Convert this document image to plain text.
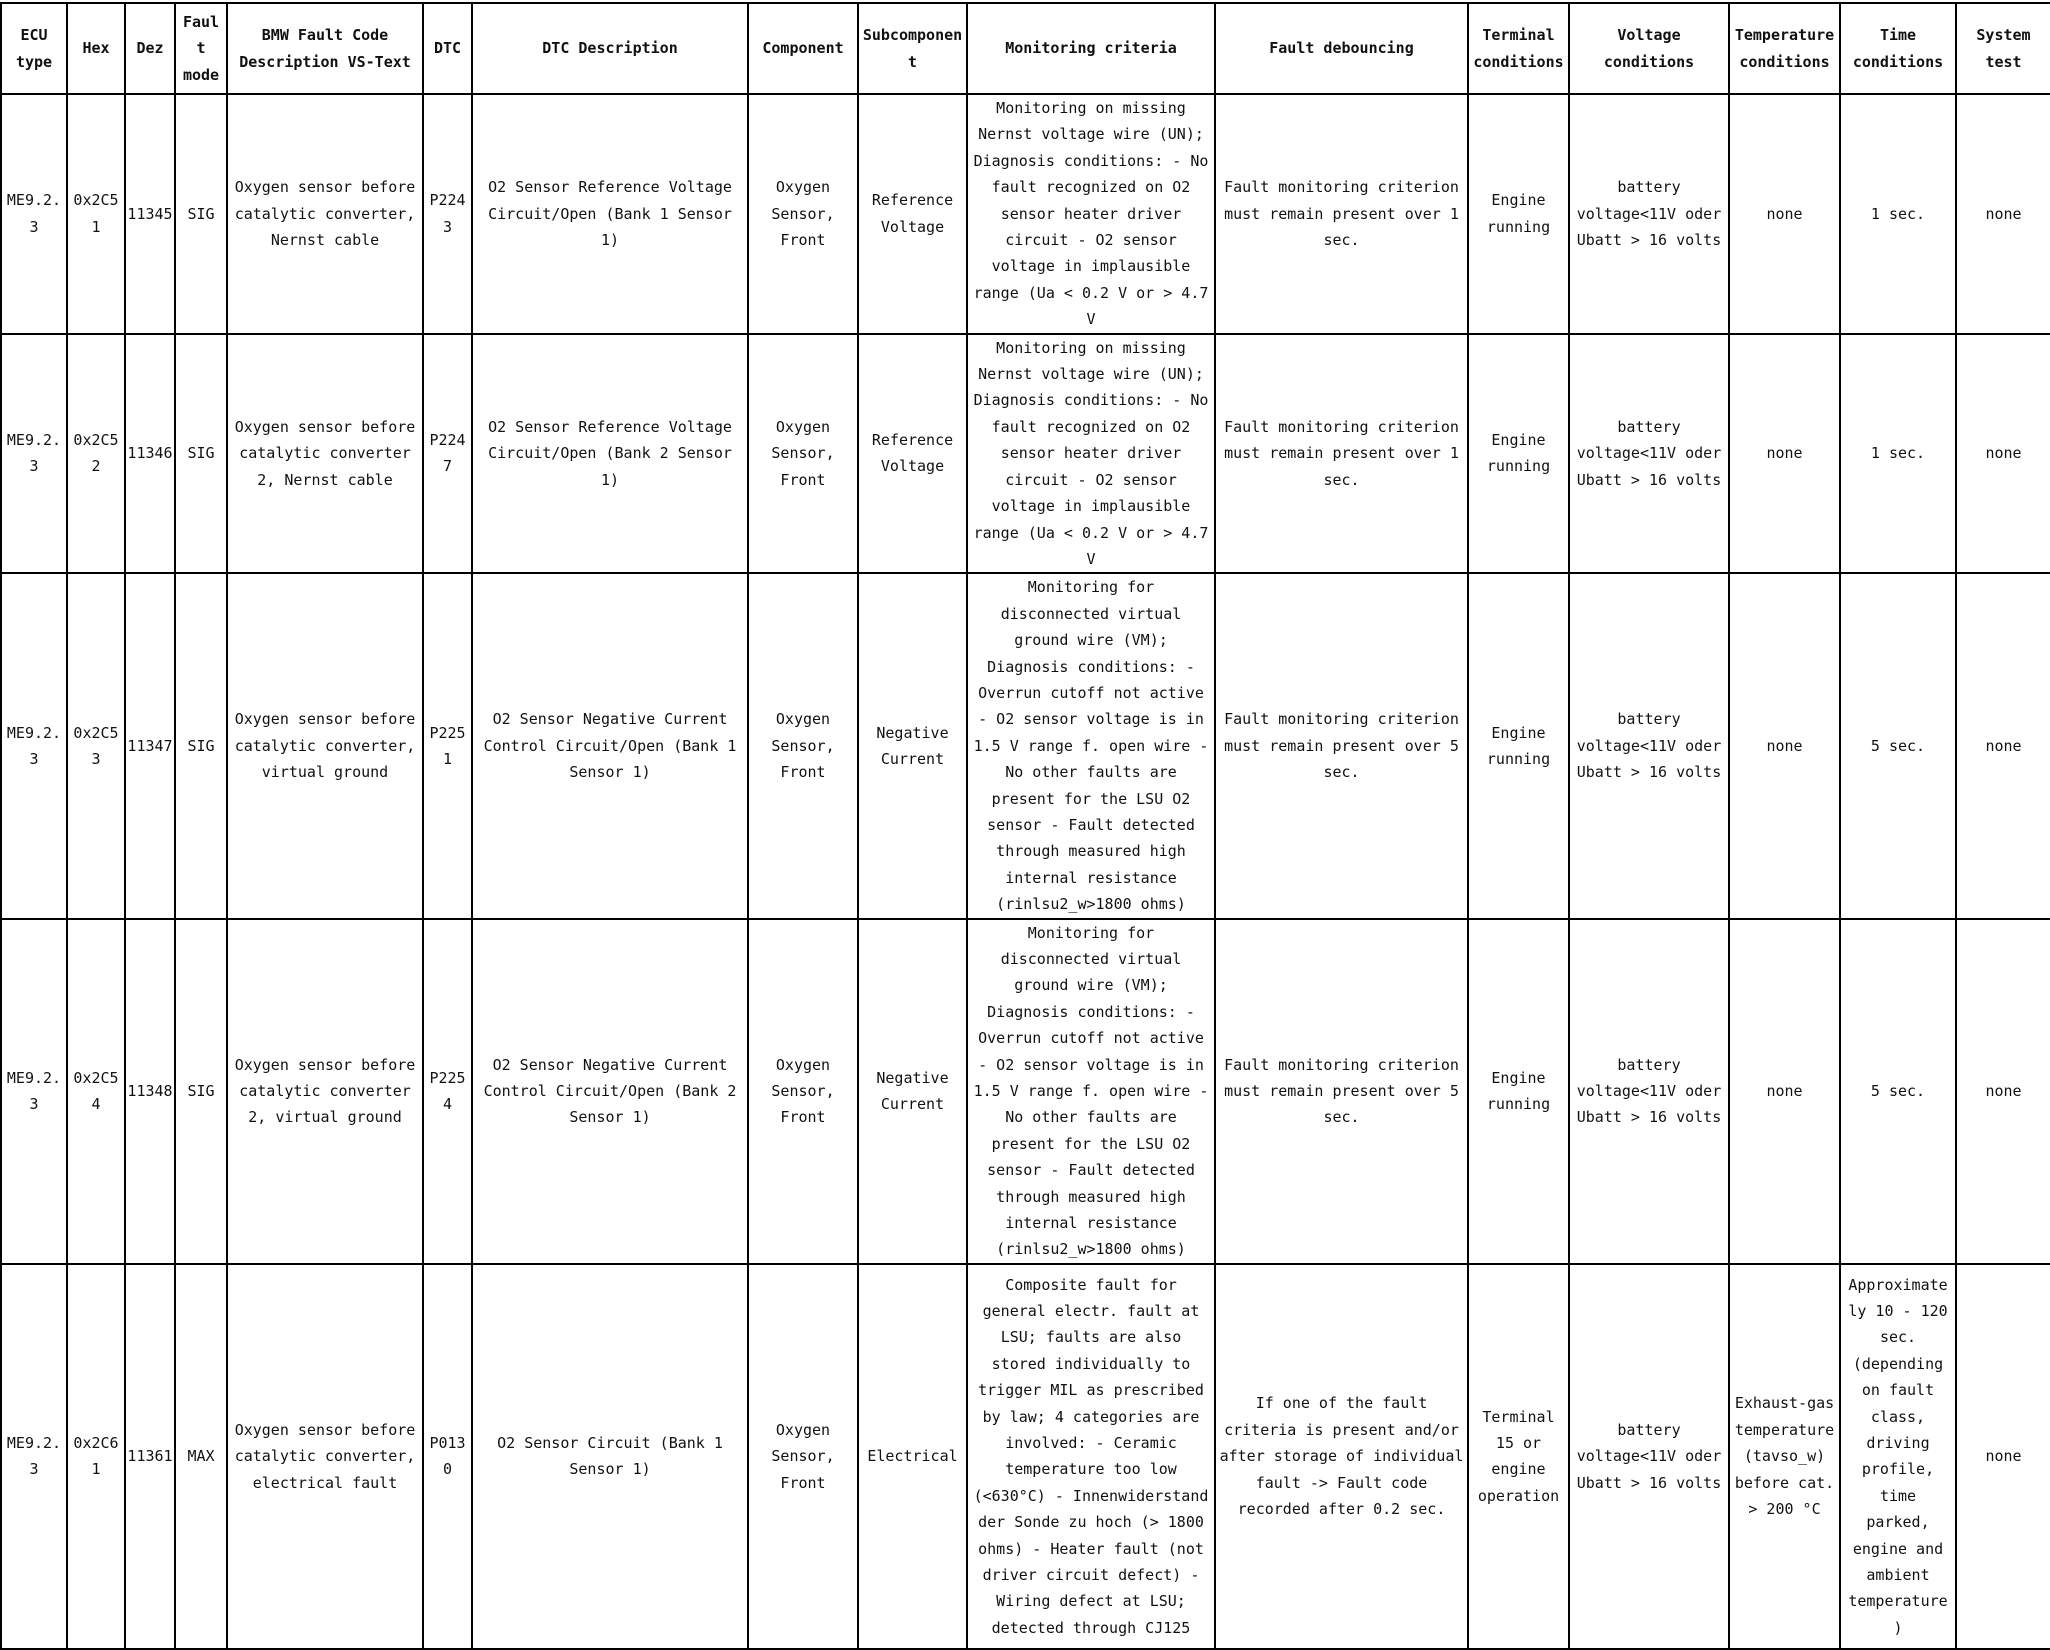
ECU type	Hex	Dez	Fault mode	BMW Fault Code Description VS-Text	DTC	DTC Description	Component	Subcomponent	Monitoring criteria	Fault debouncing	Terminal conditions	Voltage conditions	Temperature conditions	Time conditions	System test
ME9.2.3	0x2C51	11345	SIG	Oxygen sensor before catalytic converter, Nernst cable	P2243	O2 Sensor Reference Voltage Circuit/Open (Bank 1 Sensor 1)	Oxygen Sensor, Front	Reference Voltage	Monitoring on missing Nernst voltage wire (UN); Diagnosis conditions: - No fault recognized on O2 sensor heater driver circuit - O2 sensor voltage in implausible range (Ua < 0.2 V or > 4.7 V	Fault monitoring criterion must remain present over 1 sec.	Engine running	battery voltage<11V oder Ubatt > 16 volts	none	1 sec.	none
ME9.2.3	0x2C52	11346	SIG	Oxygen sensor before catalytic converter 2, Nernst cable	P2247	O2 Sensor Reference Voltage Circuit/Open (Bank 2 Sensor 1)	Oxygen Sensor, Front	Reference Voltage	Monitoring on missing Nernst voltage wire (UN); Diagnosis conditions: - No fault recognized on O2 sensor heater driver circuit - O2 sensor voltage in implausible range (Ua < 0.2 V or > 4.7 V	Fault monitoring criterion must remain present over 1 sec.	Engine running	battery voltage<11V oder Ubatt > 16 volts	none	1 sec.	none
ME9.2.3	0x2C53	11347	SIG	Oxygen sensor before catalytic converter, virtual ground	P2251	O2 Sensor Negative Current Control Circuit/Open (Bank 1 Sensor 1)	Oxygen Sensor, Front	Negative Current	Monitoring for disconnected virtual ground wire (VM); Diagnosis conditions: - Overrun cutoff not active - O2 sensor voltage is in 1.5 V range f. open wire - No other faults are present for the LSU O2 sensor - Fault detected through measured high internal resistance (rinlsu2_w>1800 ohms)	Fault monitoring criterion must remain present over 5 sec.	Engine running	battery voltage<11V oder Ubatt > 16 volts	none	5 sec.	none
ME9.2.3	0x2C54	11348	SIG	Oxygen sensor before catalytic converter 2, virtual ground	P2254	O2 Sensor Negative Current Control Circuit/Open (Bank 2 Sensor 1)	Oxygen Sensor, Front	Negative Current	Monitoring for disconnected virtual ground wire (VM); Diagnosis conditions: - Overrun cutoff not active - O2 sensor voltage is in 1.5 V range f. open wire - No other faults are present for the LSU O2 sensor - Fault detected through measured high internal resistance (rinlsu2_w>1800 ohms)	Fault monitoring criterion must remain present over 5 sec.	Engine running	battery voltage<11V oder Ubatt > 16 volts	none	5 sec.	none
ME9.2.3	0x2C61	11361	MAX	Oxygen sensor before catalytic converter, electrical fault	P0130	O2 Sensor Circuit (Bank 1 Sensor 1)	Oxygen Sensor, Front	Electrical	Composite fault for general electr. fault at LSU; faults are also stored individually to trigger MIL as prescribed by law; 4 categories are involved: - Ceramic temperature too low (<630°C) - Innenwiderstand der Sonde zu hoch (> 1800 ohms) - Heater fault (not driver circuit defect) - Wiring defect at LSU; detected through CJ125	If one of the fault criteria is present and/or after storage of individual fault -> Fault code recorded after 0.2 sec.	Terminal 15 or engine operation	battery voltage<11V oder Ubatt > 16 volts	Exhaust-gas temperature (tavso_w) before cat. > 200 °C	Approximately 10 - 120 sec. (depending on fault class, driving profile, time parked, engine and ambient temperature)	none
